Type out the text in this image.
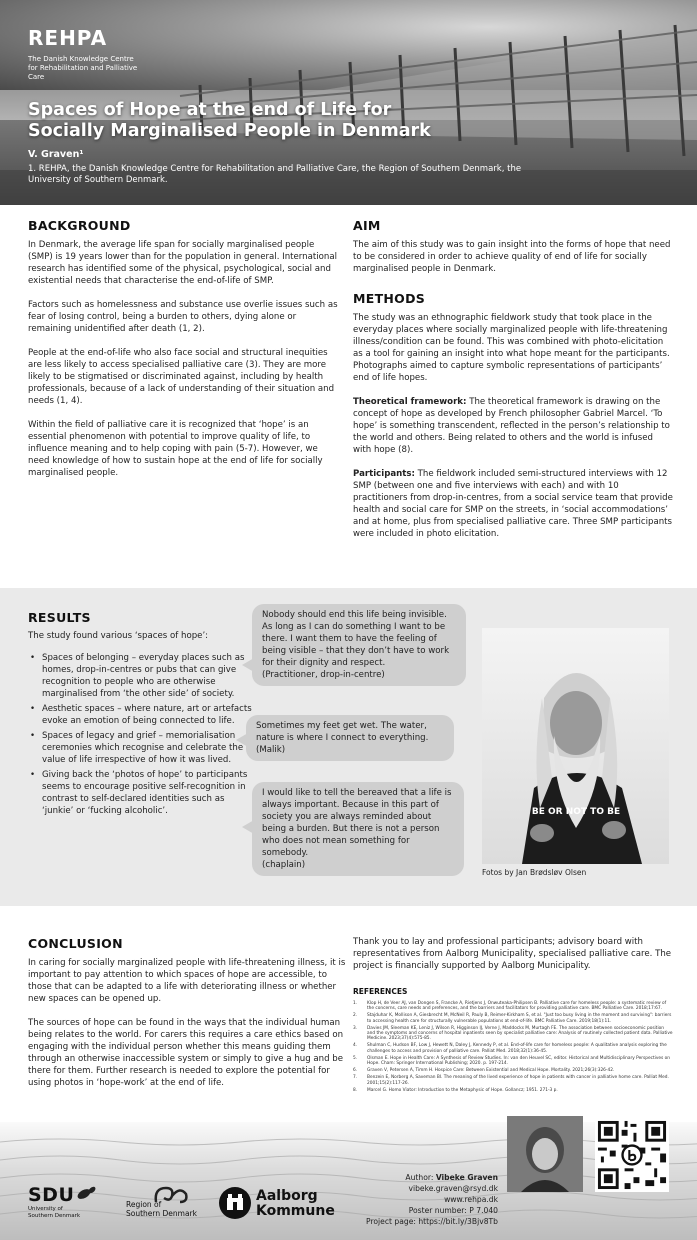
REHPA
The Danish Knowledge Centre for Rehabilitation and Palliative Care
Spaces of Hope at the end of Life for
Socially Marginalised People in Denmark
V. Graven¹
1. REHPA, the Danish Knowledge Centre for Rehabilitation and Palliative Care, the Region of Southern Denmark, the University of Southern Denmark.
BACKGROUND

In Denmark, the average life span for socially marginalised people (SMP) is 19 years lower than for the population in general. International research has identified some of the physical, psychological, social and existential needs that characterise the end-of-life of SMP.

Factors such as homelessness and substance use overlie issues such as fear of losing control, being a burden to others, dying alone or remaining unidentified after death (1, 2).

People at the end-of-life who also face social and structural inequities are less likely to access specialised palliative care (3). They are more likely to be stigmatised or discriminated against, including by health professionals, because of a lack of understanding of their situation and needs (1, 4).

Within the field of palliative care it is recognized that ‘hope’ is an essential phenomenon with potential to improve quality of life, to influence meaning and to help coping with pain (5-7). However, we need knowledge of how to sustain hope at the end of life for socially marginalised people.

AIM

The aim of this study was to gain insight into the forms of hope that need to be considered in order to achieve quality of end of life for socially marginalised people in Denmark.

METHODS

The study was an ethnographic fieldwork study that took place in the everyday places where socially marginalized people with life-threatening illness/condition can be found. This was combined with photo-elicitation as a tool for gaining an insight into what hope meant for the participants. Photographs aimed to capture symbolic representations of participants’ end of life hopes.

Theoretical framework: The theoretical framework is drawing on the concept of hope as developed by French philosopher Gabriel Marcel. ‘To hope’ is something transcendent, reflected in the person’s relationship to the world and others. Being related to others and the world is infused with hope (8).

Participants: The fieldwork included semi-structured interviews with 12 SMP (between one and five interviews with each) and with 10 practitioners from drop-in-centres, from a social service team that provide health and social care for SMP on the streets, in ‘social accommodations’ and at home, plus from specialised palliative care. Three SMP participants were included in photo elicitation.

RESULTS

The study found various ‘spaces of hope’:

• Spaces of belonging – everyday places such as homes, drop-in-centres or pubs that can give recognition to people who are otherwise marginalised from ‘the other side’ of society.
• Aesthetic spaces – where nature, art or artefacts evoke an emotion of being connected to life.
• Spaces of legacy and grief – memorialisation ceremonies which recognise and celebrate the value of life irrespective of how it was lived.
• Giving back the ‘photos of hope’ to participants seems to encourage positive self-recognition in contrast to self-declared identities such as ‘junkie’ or ‘fucking alcoholic’.
Nobody should end this life being invisible. As long as I can do something I want to be there. I want them to have the feeling of being visible – that they don’t have to work for their dignity and respect.
(Practitioner, drop-in-centre)
Sometimes my feet get wet. The water, nature is where I connect to everything.
(Malik)
I would like to tell the bereaved that a life is always important. Because in this part of society you are always reminded about being a burden. But there is not a person who does not mean something for somebody.
(chaplain)
BE OR NOT TO BE
Fotos by Jan Brødsløv Olsen
CONCLUSION

In caring for socially marginalized people with life-threatening illness, it is important to pay attention to which spaces of hope are accessible, to those that can be adapted to a life with deteriorating illness or whether new spaces can be opened up.

The sources of hope can be found in the ways that the individual human being relates to the world. For carers this requires a care ethics based on engaging with the individual person whether this means guiding them through an otherwise inaccessible system or simply to give a hug and be there for them. Further research is needed to explore the potential for using photos in ‘hope-work’ at the end of life.

Thank you to lay and professional participants; advisory board with representatives from Aalborg Municipality, specialised palliative care. The project is financially supported by Aalborg Municipality.

REFERENCES
1. Klop H, de Veer AJ, van Dongen S, Francke A, Rietjens J, Onwuteaka-Philipsen B. Palliative care for homeless people: a systematic review of the concerns, care needs and preferences, and the barriers and facilitators for providing palliative care. BMC Palliative Care. 2018;17:67.
2. Stajduhar K, Mollison A, Giesbrecht M, McNeil R, Pauly B, Reimer-Kirkham S, et al. "Just too busy living in the moment and surviving": barriers to accessing health care for structurally vulnerable populations at end-of-life. BMC Palliative Care. 2019;18(1):11.
3. Davies JM, Sleeman KE, Leniz J, Wilson R, Higginson IJ, Verne J, Maddocks M, Murtagh FE. The association between socioeconomic position and the symptoms and concerns of hospital inpatients seen by specialist palliative care: Analysis of routinely collected patient data. Palliative Medicine. 2023;37(4):575-85.
4. Shulman C, Hudson BF, Low J, Hewett N, Daley J, Kennedy P, et al. End-of-life care for homeless people: A qualitative analysis exploring the challenges to access and provision of palliative care. Palliat Med. 2018;32(1):36-45.
5. Olsman E. Hope in Health Care: A Synthesis of Review Studies. In: van den Heuvel SC, editor. Historical and Multidisciplinary Perspectives on Hope. Cham: Springer International Publishing; 2020. p. 197-214.
6. Graven V, Petersen A, Timm H. Hospice Care: Between Existential and Medical Hope. Mortality. 2021;26(3):326-42.
7. Benzein E, Norberg A, Saveman BI. The meaning of the lived experience of hope in patients with cancer in palliative home care. Palliat Med. 2001;15(2):117-26.
8. Marcel G. Homo Viator: Introduction to the Metaphysic of Hope. Gollancz; 1951. 271-3 p.
SDU
University of
Southern Denmark
Region of
Southern Denmark
Aalborg
Kommune
Author: Vibeke Graven
vibeke.graven@rsyd.dk
www.rehpa.dk
Poster number: P 7.040
Project page: https://bit.ly/3Bjv8Tb
